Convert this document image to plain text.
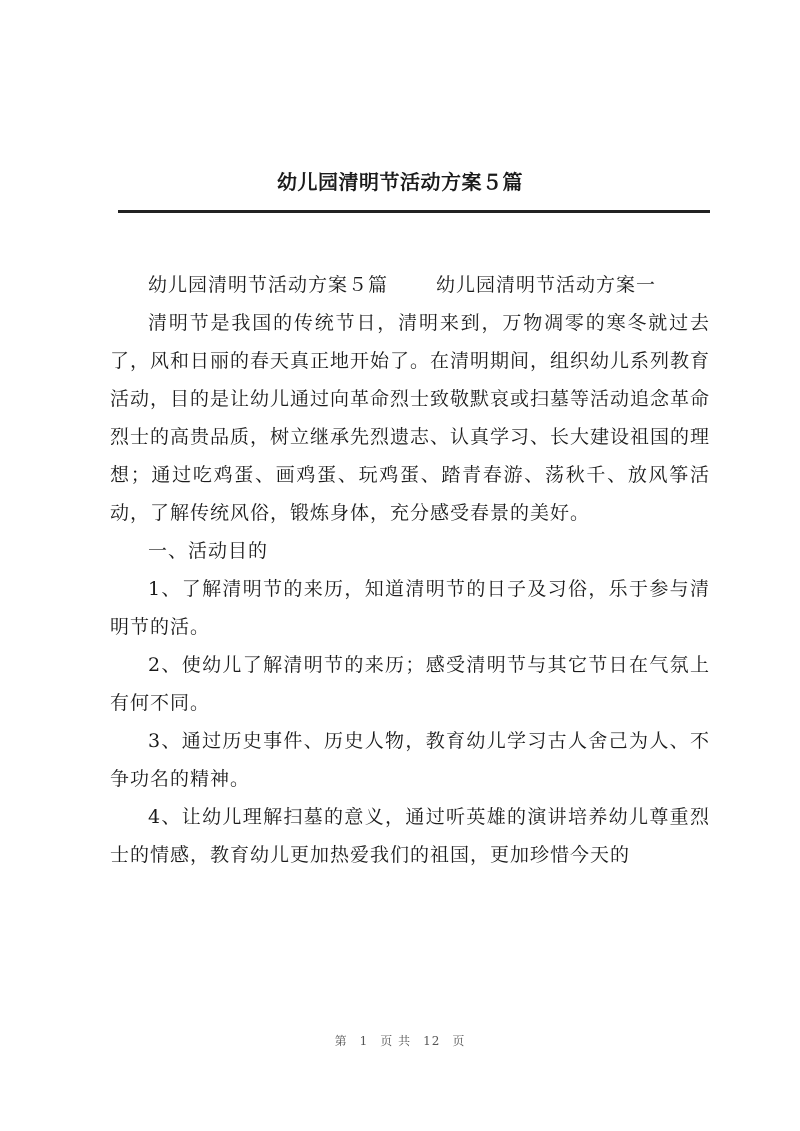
幼儿园清明节活动方案５篇

幼儿园清明节活动方案５篇	幼儿园清明节活动方案一

清明节是我国的传统节日，清明来到，万物凋零的寒冬就过去了，风和日丽的春天真正地开始了。在清明期间，组织幼儿系列教育活动，目的是让幼儿通过向革命烈士致敬默哀或扫墓等活动追念革命烈士的高贵品质，树立继承先烈遗志、认真学习、长大建设祖国的理想；通过吃鸡蛋、画鸡蛋、玩鸡蛋、踏青春游、荡秋千、放风筝活动，了解传统风俗，锻炼身体，充分感受春景的美好。

一、活动目的

1、了解清明节的来历，知道清明节的日子及习俗，乐于参与清明节的活。

2、使幼儿了解清明节的来历；感受清明节与其它节日在气氛上有何不同。

3、通过历史事件、历史人物，教育幼儿学习古人舍己为人、不争功名的精神。

4、让幼儿理解扫墓的意义，通过听英雄的演讲培养幼儿尊重烈士的情感，教育幼儿更加热爱我们的祖国，更加珍惜今天的

第 1 页 共 12 页
